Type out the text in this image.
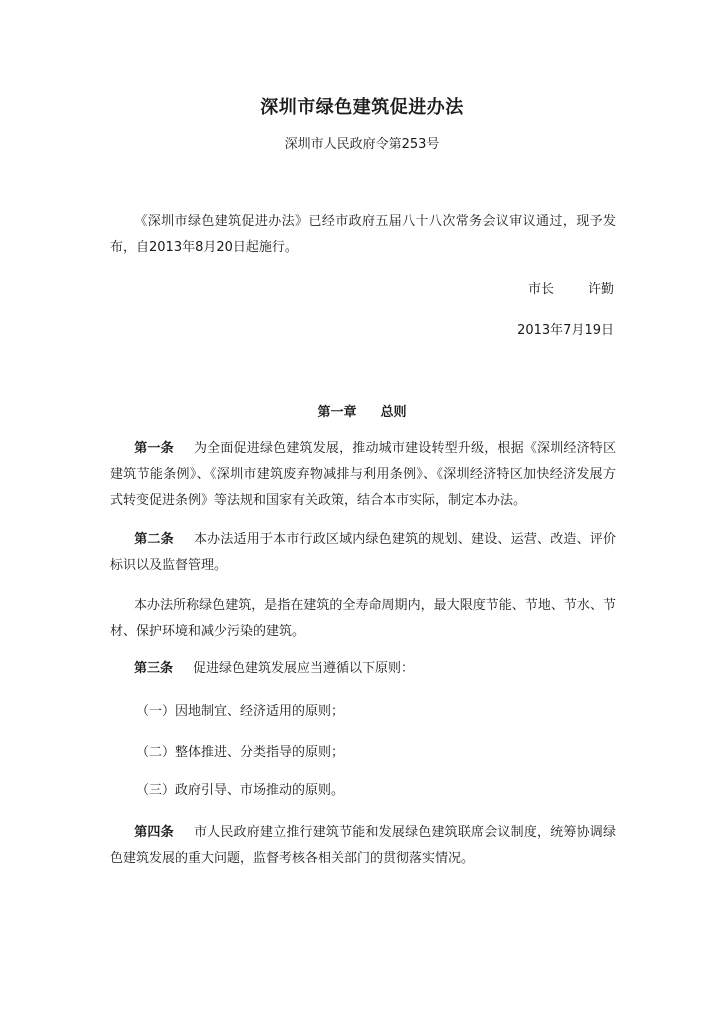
深圳市绿色建筑促进办法
深圳市人民政府令第253号

《深圳市绿色建筑促进办法》已经市政府五届八十八次常务会议审议通过，现予发布，自2013年8月20日起施行。

市长	许勤
2013年7月19日
第一章 总则

第一条 为全面促进绿色建筑发展，推动城市建设转型升级，根据《深圳经济特区建筑节能条例》、《深圳市建筑废弃物减排与利用条例》、《深圳经济特区加快经济发展方式转变促进条例》等法规和国家有关政策，结合本市实际，制定本办法。

第二条 本办法适用于本市行政区域内绿色建筑的规划、建设、运营、改造、评价标识以及监督管理。

本办法所称绿色建筑，是指在建筑的全寿命周期内，最大限度节能、节地、节水、节材、保护环境和减少污染的建筑。

第三条 促进绿色建筑发展应当遵循以下原则：

（一）因地制宜、经济适用的原则；
（二）整体推进、分类指导的原则；
（三）政府引导、市场推动的原则。

第四条 市人民政府建立推行建筑节能和发展绿色建筑联席会议制度，统筹协调绿色建筑发展的重大问题，监督考核各相关部门的贯彻落实情况。
